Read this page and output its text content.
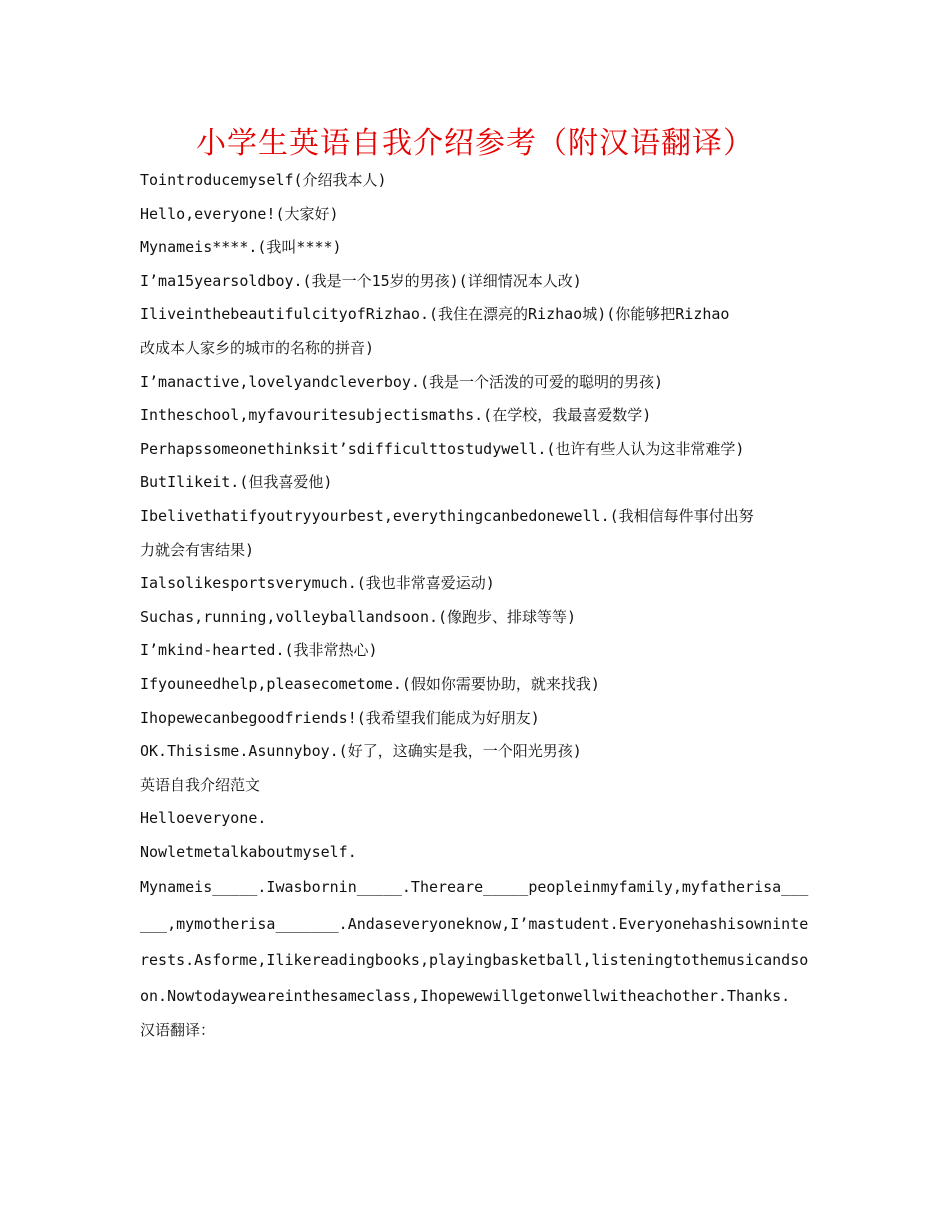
小学生英语自我介绍参考（附汉语翻译）

Tointroducemyself(介绍我本人)

Hello,everyone!(大家好)

Mynameis****.(我叫****)

I’ma15yearsoldboy.(我是一个15岁的男孩)(详细情况本人改)

IliveinthebeautifulcityofRizhao.(我住在漂亮的Rizhao城)(你能够把Rizhao

改成本人家乡的城市的名称的拼音)

I’manactive,lovelyandcleverboy.(我是一个活泼的可爱的聪明的男孩)

Intheschool,myfavouritesubjectismaths.(在学校，我最喜爱数学)

Perhapssomeonethinksit’sdifficulttostudywell.(也许有些人认为这非常难学)

ButIlikeit.(但我喜爱他)

Ibelivethatifyoutryyourbest,everythingcanbedonewell.(我相信每件事付出努

力就会有害结果)

Ialsolikesportsverymuch.(我也非常喜爱运动)

Suchas,running,volleyballandsoon.(像跑步、排球等等)

I’mkind-hearted.(我非常热心)

Ifyouneedhelp,pleasecometome.(假如你需要协助，就来找我)

Ihopewecanbegoodfriends!(我希望我们能成为好朋友)

OK.Thisisme.Asunnyboy.(好了，这确实是我，一个阳光男孩)

英语自我介绍范文

Helloeveryone.

Nowletmetalkaboutmyself.

Mynameis_____.Iwasbornin_____.Thereare_____peopleinmyfamily,myfatherisa______,mymotherisa_______.Andaseveryoneknow,I’mastudent.Everyonehashisowninterests.Asforme,Ilikereadingbooks,playingbasketball,listeningtothemusicandsoon.Nowtodayweareinthesameclass,Ihopewewillgetonwellwitheachother.Thanks.

汉语翻译：
